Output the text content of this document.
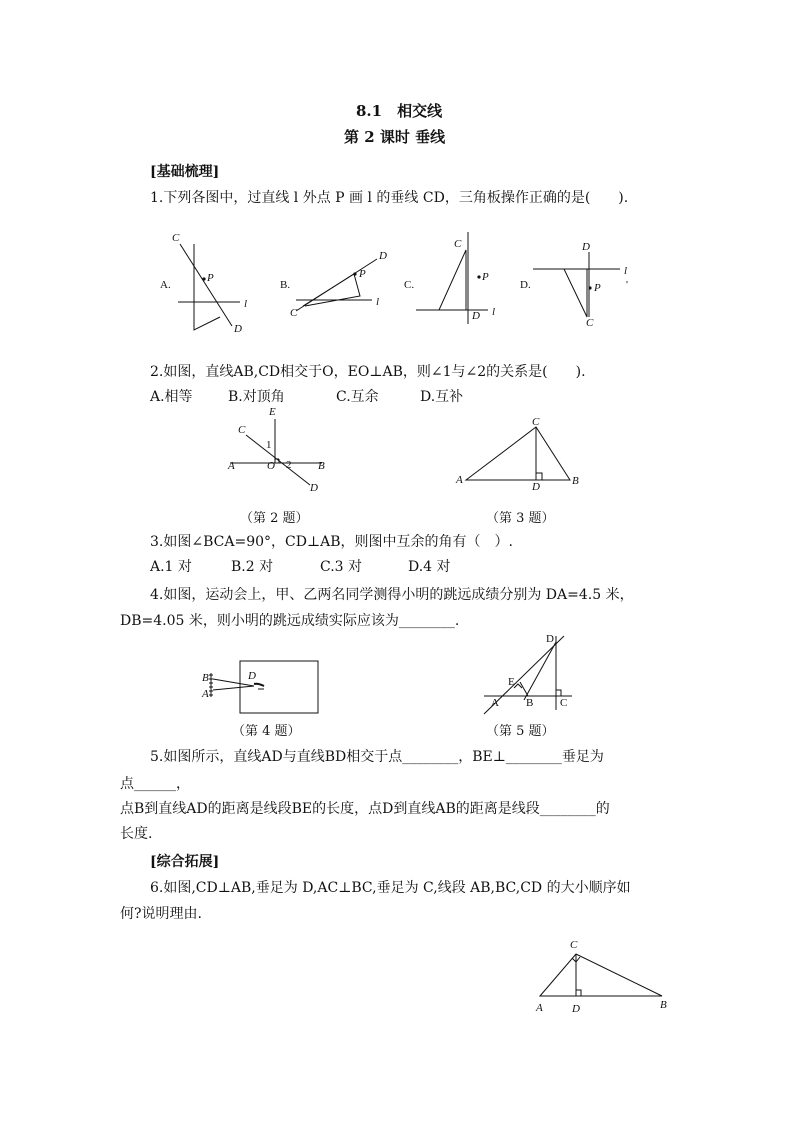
8.1　相交线
第 2 课时 垂线
[基础梳理]
1.下列各图中，过直线 l 外点 P 画 l 的垂线 CD，三角板操作正确的是(　　).
A.
C
P
l
D
B.
D
P
l
C
C.
C
P
D l
D.
D
l
P
C
'
2.如图，直线AB,CD相交于O，EO⊥AB，则∠1与∠2的关系是(　　).
A.相等	B.对顶角	C.互余	D.互补
E
C
1
A	O 2 B
D
（第 2 题）
C
A
D	B
（第 3 题）
3.如图∠BCA=90°，CD⊥AB，则图中互余的角有（　）.
A.1 对	B.2 对	C.3 对	D.4 对
4.如图，运动会上，甲、乙两名同学测得小明的跳远成绩分别为 DA=4.5 米，
DB=4.05 米，则小明的跳远成绩实际应该为________.
B
A
D
（第 4 题）
D
E
A B C
（第 5 题）
5.如图所示，直线AD与直线BD相交于点________，BE⊥________垂足为
点______，
点B到直线AD的距离是线段BE的长度，点D到直线AB的距离是线段________的
长度.
[综合拓展]
6.如图,CD⊥AB,垂足为 D,AC⊥BC,垂足为 C,线段 AB,BC,CD 的大小顺序如
何?说明理由.
C
A	D	B
